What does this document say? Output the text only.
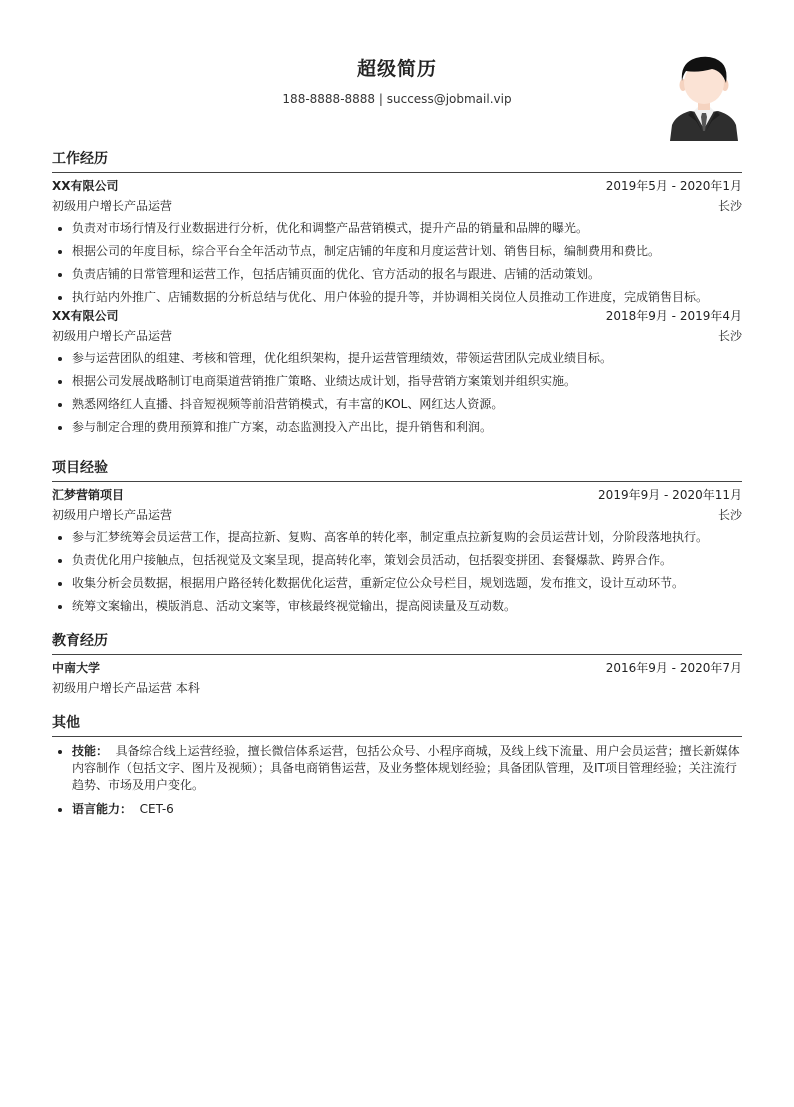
超级简历
188-8888-8888 | success@jobmail.vip
工作经历
XX有限公司	2019年5月 - 2020年1月
初级用户增长产品运营	长沙
• 负责对市场行情及行业数据进行分析，优化和调整产品营销模式，提升产品的销量和品牌的曝光。
• 根据公司的年度目标，综合平台全年活动节点，制定店铺的年度和月度运营计划、销售目标，编制费用和费比。
• 负责店铺的日常管理和运营工作，包括店铺页面的优化、官方活动的报名与跟进、店铺的活动策划。
• 执行站内外推广、店铺数据的分析总结与优化、用户体验的提升等，并协调相关岗位人员推动工作进度，完成销售目标。
XX有限公司	2018年9月 - 2019年4月
初级用户增长产品运营	长沙
• 参与运营团队的组建、考核和管理，优化组织架构，提升运营管理绩效，带领运营团队完成业绩目标。
• 根据公司发展战略制订电商渠道营销推广策略、业绩达成计划，指导营销方案策划并组织实施。
• 熟悉网络红人直播、抖音短视频等前沿营销模式，有丰富的KOL、网红达人资源。
• 参与制定合理的费用预算和推广方案，动态监测投入产出比，提升销售和利润。
项目经验
汇梦营销项目	2019年9月 - 2020年11月
初级用户增长产品运营	长沙
• 参与汇梦统筹会员运营工作，提高拉新、复购、高客单的转化率，制定重点拉新复购的会员运营计划，分阶段落地执行。
• 负责优化用户接触点，包括视觉及文案呈现，提高转化率，策划会员活动，包括裂变拼团、套餐爆款、跨界合作。
• 收集分析会员数据，根据用户路径转化数据优化运营，重新定位公众号栏目，规划选题，发布推文，设计互动环节。
• 统筹文案输出，模版消息、活动文案等，审核最终视觉输出，提高阅读量及互动数。
教育经历
中南大学	2016年9月 - 2020年7月
初级用户增长产品运营 本科
其他
• 技能： 具备综合线上运营经验，擅长微信体系运营，包括公众号、小程序商城，及线上线下流量、用户会员运营；擅长新媒体内容制作（包括文字、图片及视频）；具备电商销售运营，及业务整体规划经验；具备团队管理，及IT项目管理经验；关注流行趋势、市场及用户变化。
• 语言能力： CET-6
